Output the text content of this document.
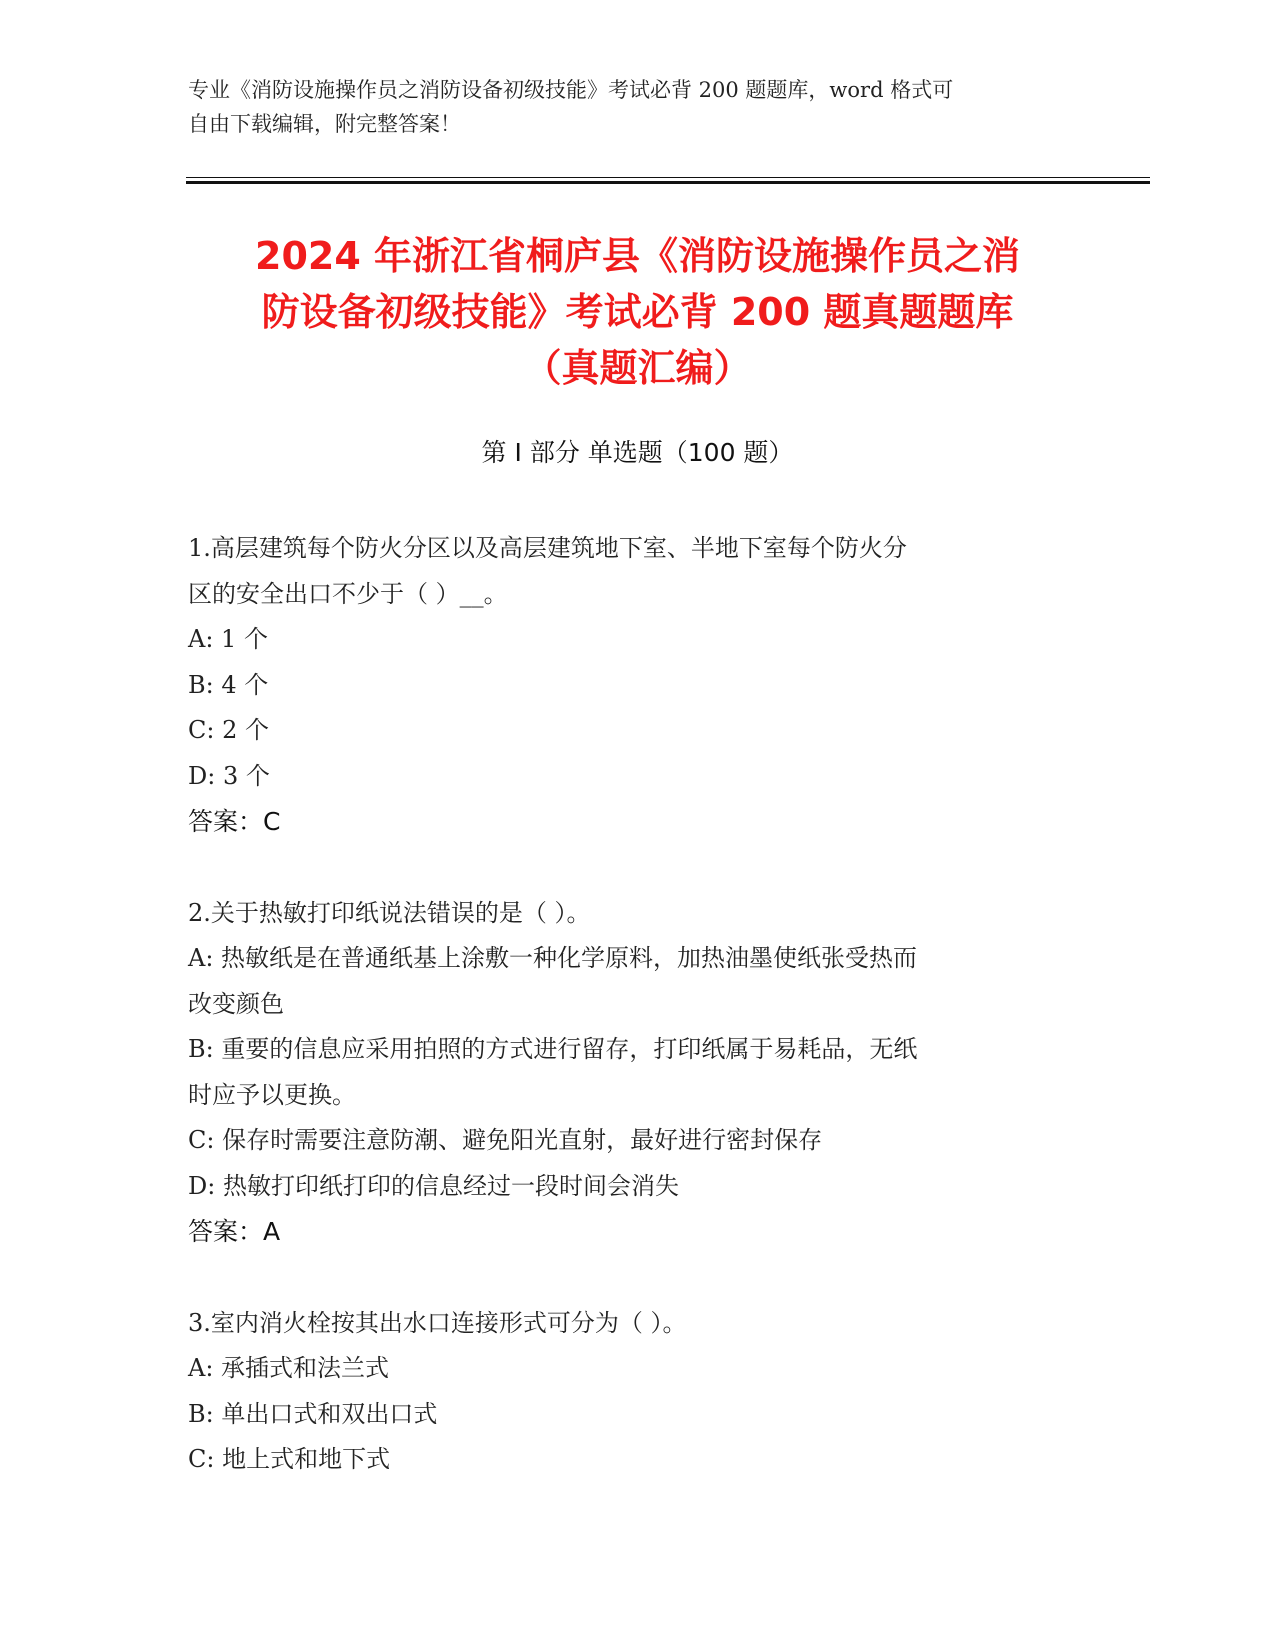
专业《消防设施操作员之消防设备初级技能》考试必背 200 题题库，word 格式可
自由下载编辑，附完整答案！
2024 年浙江省桐庐县《消防设施操作员之消
防设备初级技能》考试必背 200 题真题题库
（真题汇编）
第 I 部分 单选题（100 题）
1.高层建筑每个防火分区以及高层建筑地下室、半地下室每个防火分
区的安全出口不少于（ ）__。
A: 1 个
B: 4 个
C: 2 个
D: 3 个
答案：C
2.关于热敏打印纸说法错误的是（ ）。
A: 热敏纸是在普通纸基上涂敷一种化学原料，加热油墨使纸张受热而
改变颜色
B: 重要的信息应采用拍照的方式进行留存，打印纸属于易耗品，无纸
时应予以更换。
C: 保存时需要注意防潮、避免阳光直射，最好进行密封保存
D: 热敏打印纸打印的信息经过一段时间会消失
答案：A
3.室内消火栓按其出水口连接形式可分为（ ）。
A: 承插式和法兰式
B: 单出口式和双出口式
C: 地上式和地下式
